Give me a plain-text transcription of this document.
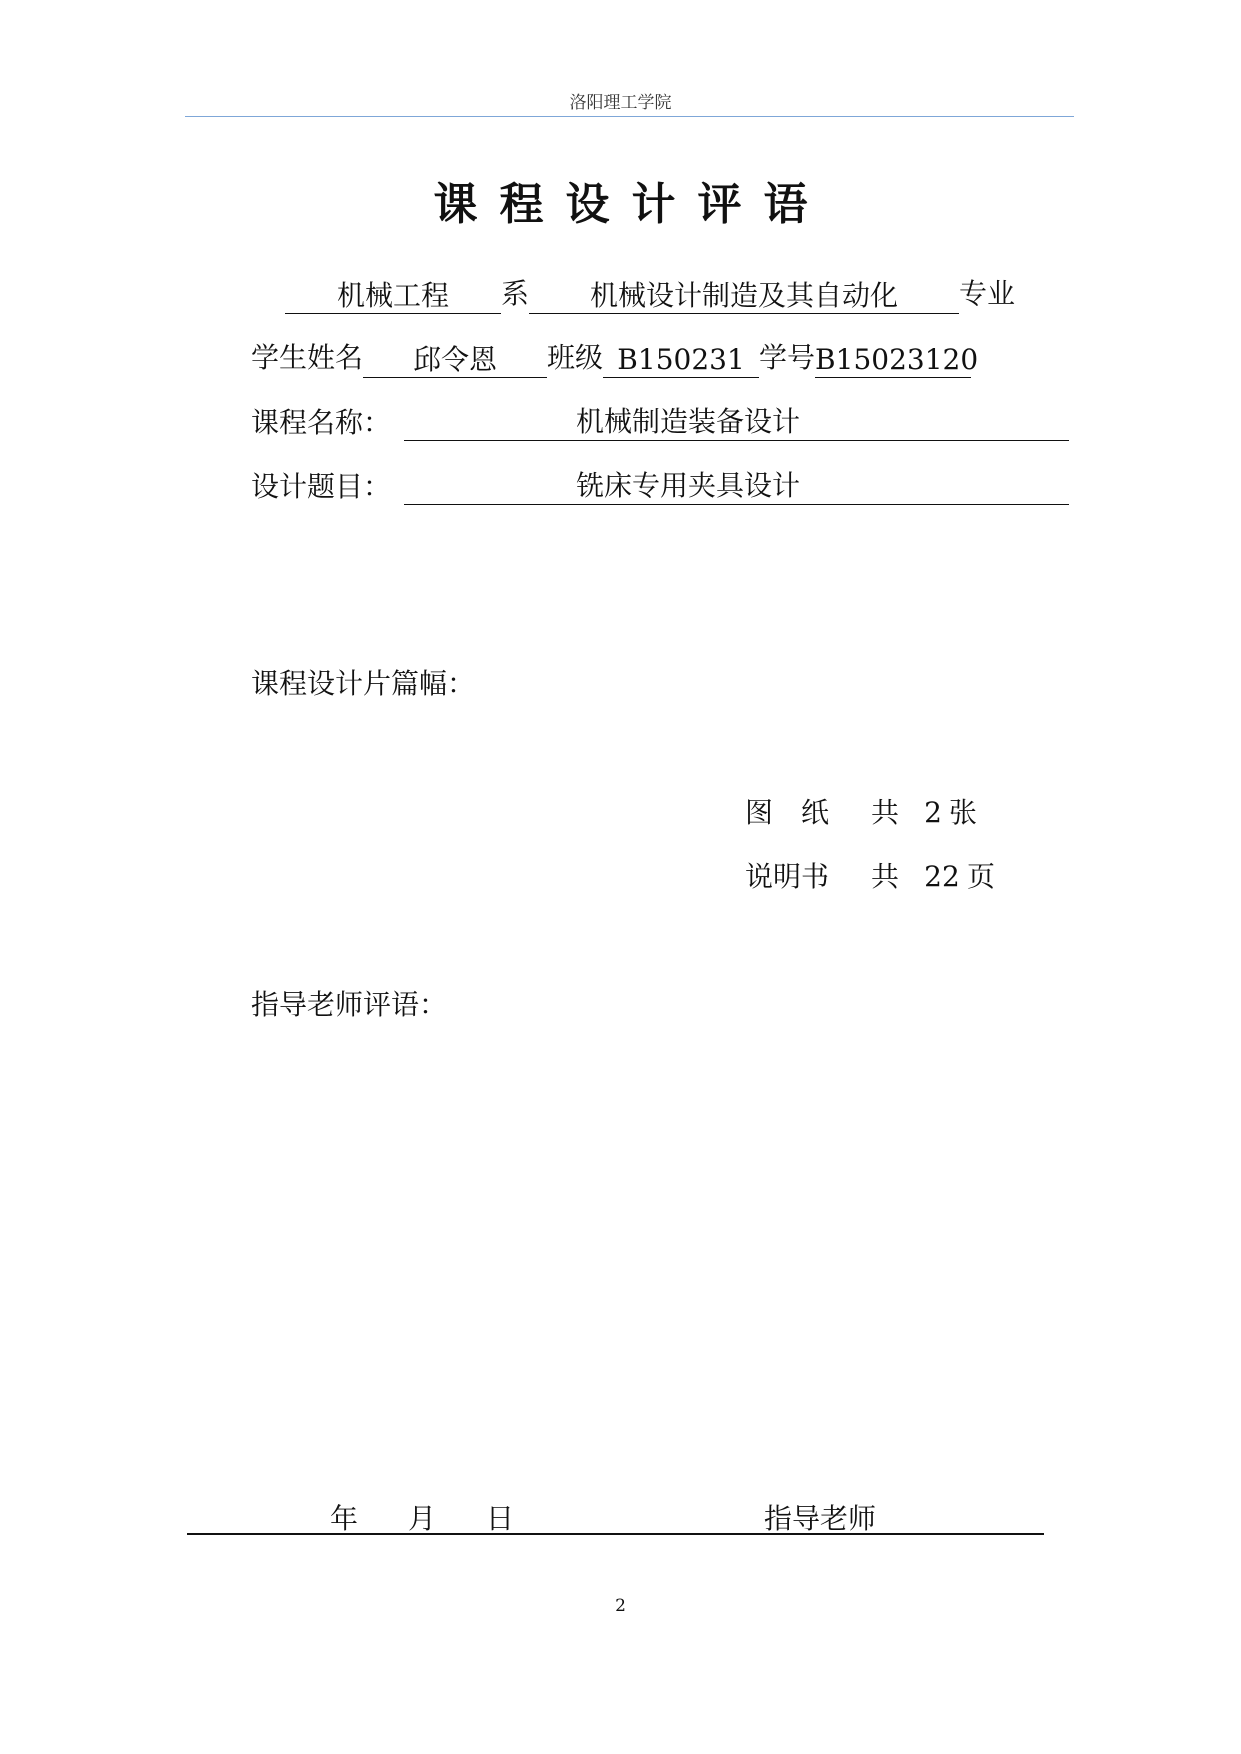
洛阳理工学院
课程设计评语
机械工程 系 机械设计制造及其自动化 专业
学生姓名 邱令恩 班级 B150231 学号B15023120
课程名称：	机械制造装备设计
设计题目：	铣床专用夹具设计
课程设计片篇幅：
图　纸 共 2 张
说明书 共 22 页
指导老师评语：
年 月 日	指导老师
2
